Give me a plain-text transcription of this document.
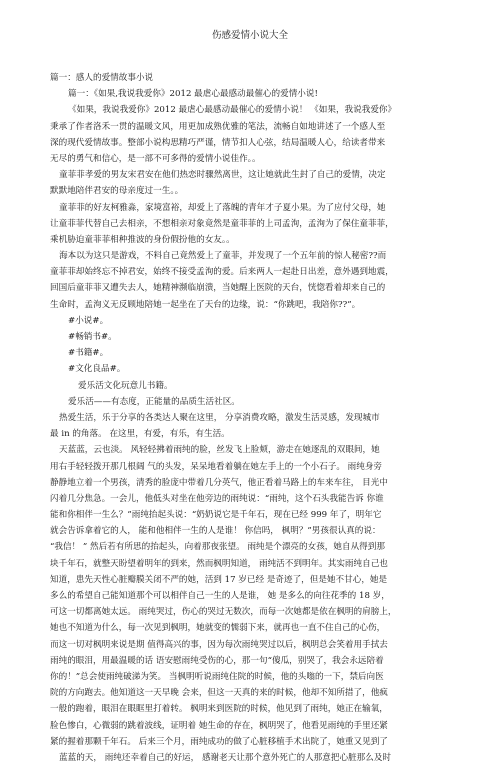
伤感爱情小说大全
篇一：感人的爱情故事小说
篇一：《如果,我说我爱你》2012 最虐心最感动最催心的爱情小说!
《如果，我说我爱你》2012 最虐心最感动最催心的爱情小说！ 《如果，我说我爱你》
秉承了作者洛禾一贯的温暖文风，用更加成熟优雅的笔法，流畅自如地讲述了一个感人至
深的现代爱情故事。整部小说构思精巧严谨，情节扣人心弦，结局温暖人心，给读者带来
无尽的勇气和信心，是一部不可多得的爱情小说佳作。。
童菲菲孝爱的男友宋君安在他们热恋时骤然离世，这让她就此生封了自己的爱情，决定
默默地陪伴君安的母亲度过一生。。
童菲菲的好友柯雅淼，家境富裕，却爱上了落魄的青年才子夏小果。为了应付父母，她
让童菲菲代替自己去相亲，不想相亲对象竟然是童菲菲的上司孟洵，孟洵为了保住童菲菲，
乘机胁迫童菲菲相种推波的身份假扮他的女友。。
海本以为这只是游戏，不料自己竟然爱上了童菲，并发现了一个五年前的惊人秘密??而
童菲菲却始终忘不掉君安，始终不接受孟洵的爱。后来两人一起赴日出差，意外遇到地震，
回国后童菲菲又遭失去人，她精神濒临崩溃，当她醒上医院的天台，恍惚看着却来自己的
生命时，孟洵义无反顾地陪她一起坐在了天台的边缘，说：“你跳吧，我陪你??”。
#小说#。
#畅销书#。
#书籍#。
#文化良品#。
爱乐活文化玩意儿书籍。
爱乐活——有态度，正能量的品质生活社区。
热爱生活，乐于分享的各类达人聚在这里， 分享消费攻略，激发生活灵感，发现城市
最 in 的角落。 在这里，有爱，有乐，有生活。
天蓝蓝，云也淡。 风轻轻拂着雨纯的脸，丝发飞上脸颊，游走在她逐乱的双眼间，她
用右手轻轻拨开那几根阔 气的头发，呆呆地看着躺在她左手上的一个小石子。 雨纯身旁
静静地立着一个男孩，清秀的脸庞中带着几分英气，他正看着马路上的车来车往， 目光中
闪着几分焦急。一会儿，他低头对坐在他旁边的雨纯说：“雨纯，这个石头我能告诉 你谁
能和你相伴一生么？”雨纯抬起头说：“奶奶说它是千年石，现在已经 999 年了，明年它
就会告诉拿着它的人， 能和他相伴一生的人是谁！ 你信吗， 枫明？”男孩很认真的说：
“我信！ ” 然后若有所思的抬起头，向着那夜张望。 雨纯是个漂亮的女孩，她自从得到那
块千年石，就整天盼望着明年的到来，然而枫明知道， 雨纯活不到明年。其实雨纯自己也
知道，患先天性心脏瓣膜关闭不严的她，活到 17 岁已经 是奇迹了，但是她不甘心，她是
多么的希望自己能知道那个可以相伴自己一生的人是谁， 她 是多么的向往花季的 18 岁，
可这一切都离她太远。 雨纯哭过，伤心的哭过无数次，而每一次她都是依在枫明的肩膀上，
她也不知道为什么，每一次见到枫明，她就变的懦弱下来，就再也一直不住自己的心伤，
而这一切对枫明来说是期 值得高兴的事，因为每次雨纯哭过以后，枫明总会笑着用手拭去
雨纯的眼泪，用最温暖的话 语安慰雨纯受伤的心，那一句“傻瓜，别哭了，我会永远陪着
你的！”总会使雨纯破涕为笑。 当枫明听说雨纯住院的时候，他的头嗡的一下，禁后向医
院的方向跑去。他知道这一天早晚 会来，但这一天真的来的时候，他却不知所措了，他疯
一般的跑着，眼泪在眼眶里打着转。 枫明来到医院的时候，他见到了雨纯，她正在输氧，
脸色惨白，心微弱的跳着波线，证明着 她生命的存在，枫明哭了，他看见雨纯的手里还紧
紧的握着那颗千年石。 后来三个月，雨纯成功的做了心脏移植手术出院了，她重又见到了
蓝蓝的天， 雨纯还幸着自己的好运， 感谢老天让那个意外死亡的人那意把心脏那么及时
